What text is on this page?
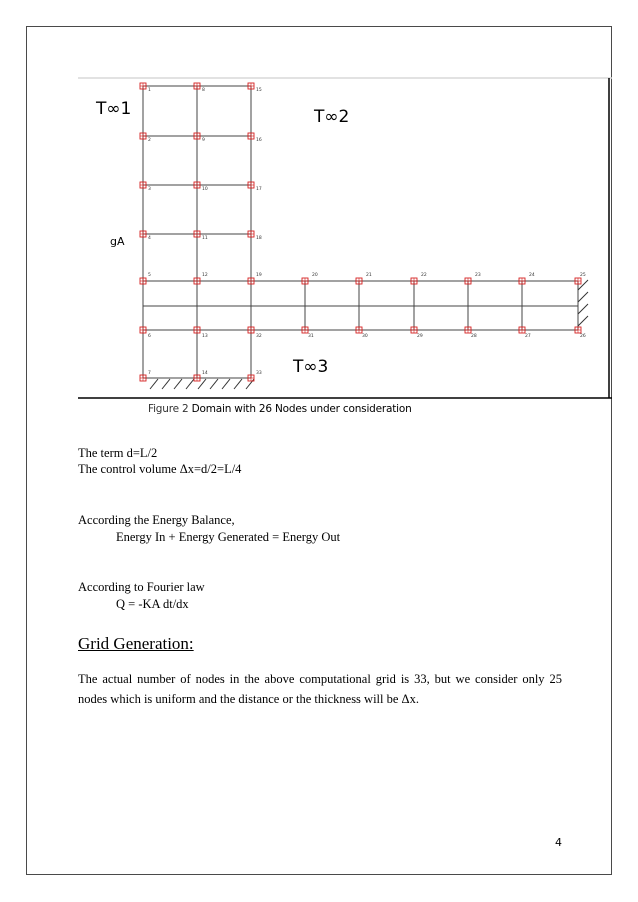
1
2
3
4
5
6
7
8
9
10
11
12
13
14
15
16
17
18
19
32
33
20	21	22	23	24	25
31	30	29	28	27	26
T∞1	T∞2
T∞3
gA
Figure 2 Domain with 26 Nodes under consideration
The term d=L/2
The control volume Δx=d/2=L/4
According the Energy Balance,
Energy In + Energy Generated = Energy Out
According to Fourier law
Q = -KA dt/dx
Grid Generation:
The actual number of nodes in the above computational grid is 33, but we consider only 25 nodes which is uniform and the distance or the thickness will be Δx.
4
